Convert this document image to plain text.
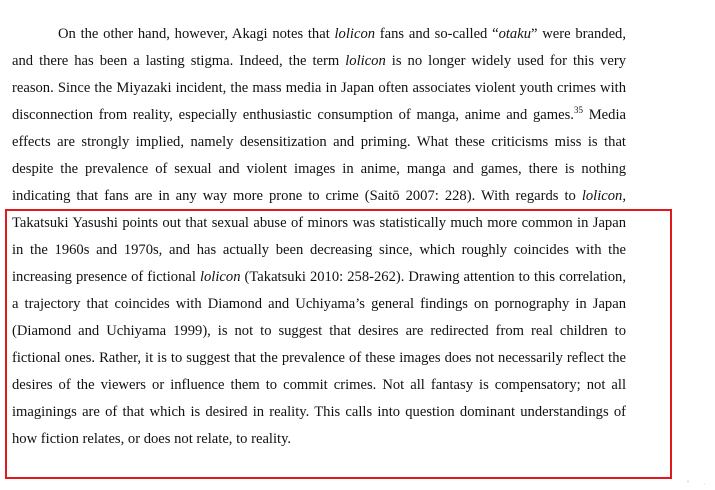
On the other hand, however, Akagi notes that lolicon fans and so-called “otaku” were branded, and there has been a lasting stigma. Indeed, the term lolicon is no longer widely used for this very reason. Since the Miyazaki incident, the mass media in Japan often associates violent youth crimes with disconnection from reality, especially enthusiastic consumption of manga, anime and games.$^{35}$ Media effects are strongly implied, namely desensitization and priming. What these criticisms miss is that despite the prevalence of sexual and violent images in anime, manga and games, there is nothing indicating that fans are in any way more prone to crime (Saitō 2007: 228). With regards to lolicon, Takatsuki Yasushi points out that sexual abuse of minors was statistically much more common in Japan in the 1960s and 1970s, and has actually been decreasing since, which roughly coincides with the increasing presence of fictional lolicon (Takatsuki 2010: 258-262). Drawing attention to this correlation, a trajectory that coincides with Diamond and Uchiyama’s general findings on pornography in Japan (Diamond and Uchiyama 1999), is not to suggest that desires are redirected from real children to fictional ones. Rather, it is to suggest that the prevalence of these images does not necessarily reflect the desires of the viewers or influence them to commit crimes. Not all fantasy is compensatory; not all imaginings are of that which is desired in reality. This calls into question dominant understandings of how fiction relates, or does not relate, to reality.

˄ ·
